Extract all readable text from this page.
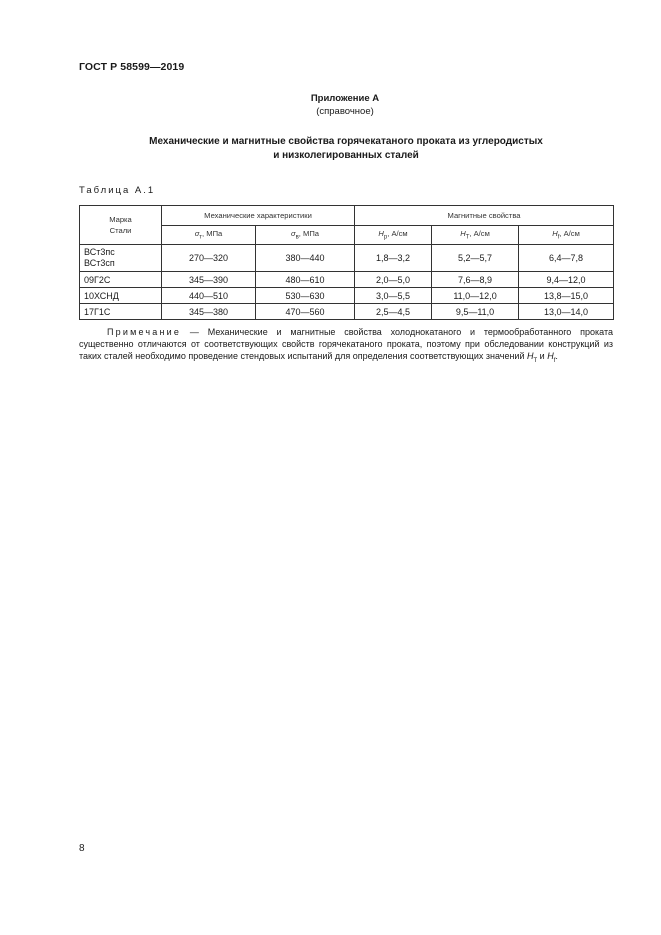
ГОСТ Р 58599—2019
Приложение А
(справочное)
Механические и магнитные свойства горячекатаного проката из углеродистых
и низколегированных сталей
Таблица А.1
Марка
Стали	Механические характеристики		Магнитные свойства		
	$\sigma_т$, МПа	$\sigma_в$, МПа	$H_p$, А/см	$H_T$, А/см	$H_f$, А/см

ВСт3пс
ВСт3сп	270—320	380—440	1,8—3,2	5,2—5,7	6,4—7,8
09Г2С	345—390	480—610	2,0—5,0	7,6—8,9	9,4—12,0
10ХСНД	440—510	530—630	3,0—5,5	11,0—12,0	13,8—15,0
17Г1С	345—380	470—560	2,5—4,5	9,5—11,0	13,0—14,0
Примечание — Механические и магнитные свойства холоднокатаного и термообработанного проката существенно отличаются от соответствующих свойств горячекатаного проката, поэтому при обследовании конструкций из таких сталей необходимо проведение стендовых испытаний для определения соответствующих значений $H_T$ и $H_f$.
8
